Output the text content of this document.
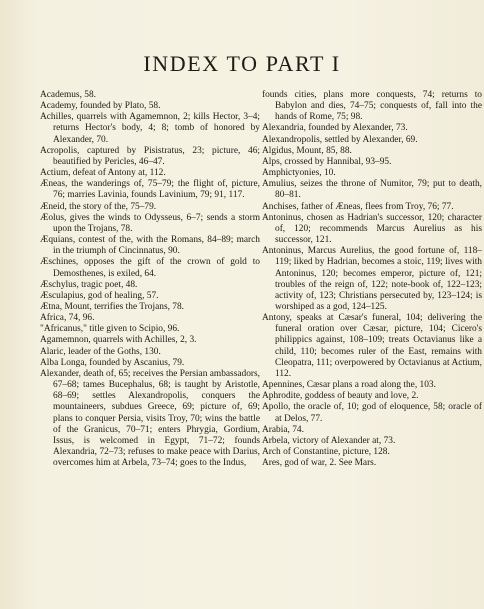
INDEX TO PART I

Academus, 58.

Academy, founded by Plato, 58.

Achilles, quarrels with Agamemnon, 2; kills Hector, 3–4; returns Hector's body, 4; 8; tomb of honored by Alexander, 70.

Acropolis, captured by Pisistratus, 23; picture, 46; beautified by Pericles, 46–47.

Actium, defeat of Antony at, 112.

Æneas, the wanderings of, 75–79; the flight of, picture, 76; marries Lavinia, founds Lavinium, 79; 91, 117.

Æneid, the story of the, 75–79.

Æolus, gives the winds to Odysseus, 6–7; sends a storm upon the Trojans, 78.

Æquians, contest of the, with the Romans, 84–89; march in the triumph of Cincinnatus, 90.

Æschines, opposes the gift of the crown of gold to Demosthenes, is exiled, 64.

Æschylus, tragic poet, 48.

Æsculapius, god of healing, 57.

Ætna, Mount, terrifies the Trojans, 78.

Africa, 74, 96.

"Africanus," title given to Scipio, 96.

Agamemnon, quarrels with Achilles, 2, 3.

Alaric, leader of the Goths, 130.

Alba Longa, founded by Ascanius, 79.

Alexander, death of, 65; receives the Persian ambassadors, 67–68; tames Bucephalus, 68; is taught by Aristotle, 68–69; settles Alexandropolis, conquers the mountaineers, subdues Greece, 69; picture of, 69; plans to conquer Persia, visits Troy, 70; wins the battle of the Granicus, 70–71; enters Phrygia, Gordium, Issus, is welcomed in Egypt, 71–72; founds Alexandria, 72–73; refuses to make peace with Darius, overcomes him at Arbela, 73–74; goes to the Indus,

founds cities, plans more conquests, 74; returns to Babylon and dies, 74–75; conquests of, fall into the hands of Rome, 75; 98.

Alexandria, founded by Alexander, 73.

Alexandropolis, settled by Alexander, 69.

Algidus, Mount, 85, 88.

Alps, crossed by Hannibal, 93–95.

Amphictyonies, 10.

Amulius, seizes the throne of Numitor, 79; put to death, 80–81.

Anchises, father of Æneas, flees from Troy, 76; 77.

Antoninus, chosen as Hadrian's successor, 120; character of, 120; recommends Marcus Aurelius as his successor, 121.

Antoninus, Marcus Aurelius, the good fortune of, 118–119; liked by Hadrian, becomes a stoic, 119; lives with Antoninus, 120; becomes emperor, picture of, 121; troubles of the reign of, 122; note-book of, 122–123; activity of, 123; Christians persecuted by, 123–124; is worshiped as a god, 124–125.

Antony, speaks at Cæsar's funeral, 104; delivering the funeral oration over Cæsar, picture, 104; Cicero's philippics against, 108–109; treats Octavianus like a child, 110; becomes ruler of the East, remains with Cleopatra, 111; overpowered by Octavianus at Actium, 112.

Apennines, Cæsar plans a road along the, 103.

Aphrodite, goddess of beauty and love, 2.

Apollo, the oracle of, 10; god of eloquence, 58; oracle of at Delos, 77.

Arabia, 74.

Arbela, victory of Alexander at, 73.

Arch of Constantine, picture, 128.

Ares, god of war, 2. See Mars.
